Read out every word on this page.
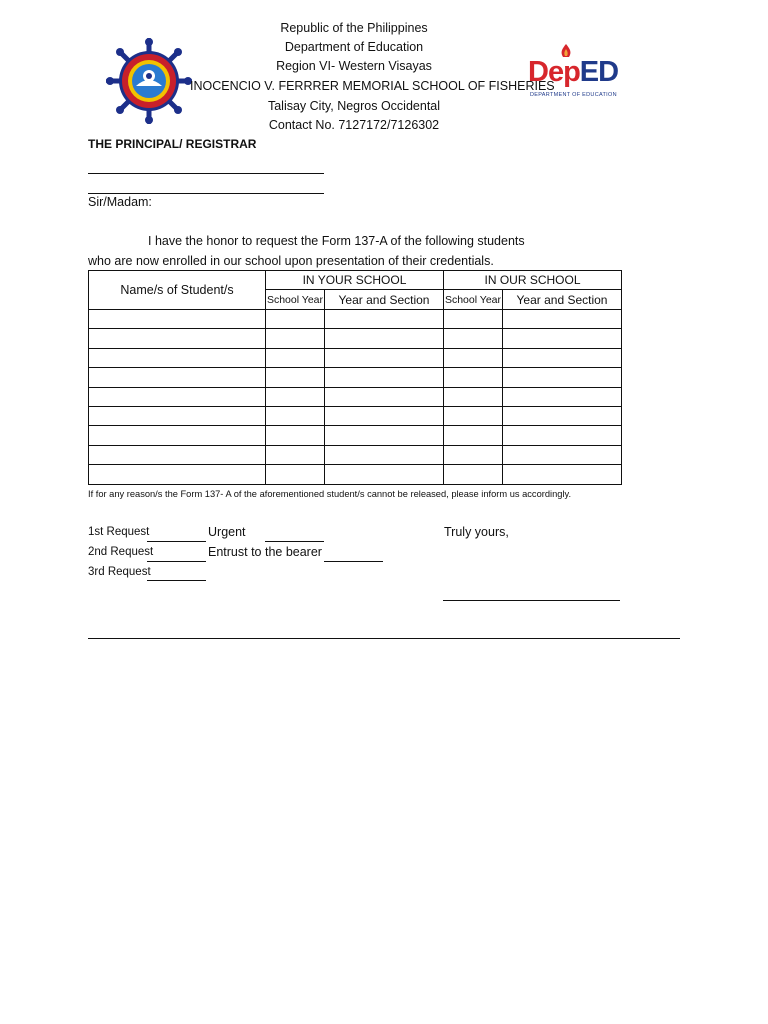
Republic of the Philippines
Department of Education
Region VI- Western Visayas
INOCENCIO V. FERRRER MEMORIAL SCHOOL OF FISHERIES
Talisay City, Negros Occidental
Contact No. 7127172/7126302
DepED
DEPARTMENT OF EDUCATION
THE PRINCIPAL/ REGISTRAR
Sir/Madam:
I have the honor to request the Form 137-A of the following students
who are now enrolled in our school upon presentation of their credentials.
Name/s of Student/s	IN YOUR SCHOOL		IN OUR SCHOOL	
	School Year	Year and Section	School Year	Year and Section

If for any reason/s the Form 137- A of the aforementioned student/s cannot be released, please inform us accordingly.
1st Request	Urgent
2nd Request	Entrust to the bearer
3rd Request
Truly yours,
